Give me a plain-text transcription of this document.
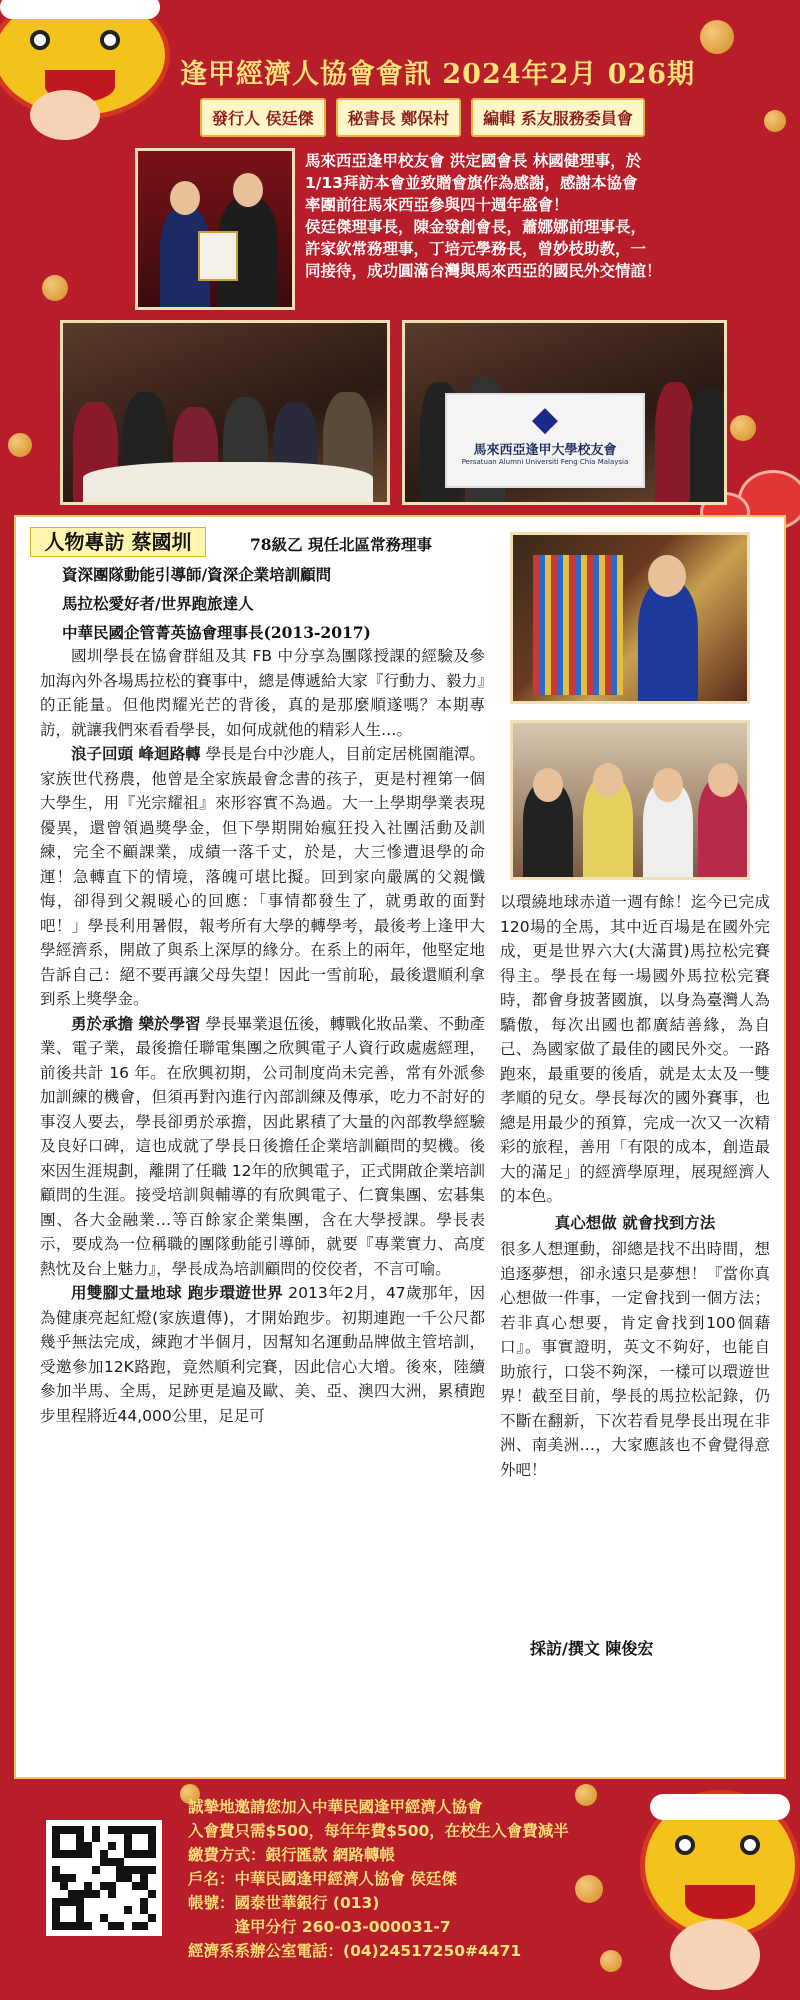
逢甲經濟人協會會訊 2024年2月 026期
發行人 侯廷傑	秘書長 鄭保村	編輯 系友服務委員會
馬來西亞逢甲校友會 洪定國會長 林國健理事，於
1/13拜訪本會並致贈會旗作為感謝，感謝本協會
率團前往馬來西亞參與四十週年盛會！
侯廷傑理事長，陳金發創會長，蕭娜娜前理事長，
許家欽常務理事，丁培元學務長，曾妙枝助教，一
同接待，成功圓滿台灣與馬來西亞的國民外交情誼！
◆
馬來西亞逢甲大學校友會
Persatuan Alumni Universiti Feng Chia Malaysia
人物專訪 蔡國圳	78級乙 現任北區常務理事
資深團隊動能引導師/資深企業培訓顧問
馬拉松愛好者/世界跑旅達人
中華民國企管菁英協會理事長(2013-2017)

國圳學長在協會群組及其 FB 中分享為團隊授課的經驗及參加海內外各場馬拉松的賽事中，總是傳遞給大家『行動力、毅力』的正能量。但他閃耀光芒的背後，真的是那麼順遂嗎？本期專訪，就讓我們來看看學長，如何成就他的精彩人生…。

浪子回頭 峰迴路轉 學長是台中沙鹿人，目前定居桃園龍潭。家族世代務農，他曾是全家族最會念書的孩子，更是村裡第一個大學生，用『光宗耀祖』來形容實不為過。大一上學期學業表現優異，還曾領過獎學金，但下學期開始瘋狂投入社團活動及訓練，完全不顧課業，成績一落千丈，於是，大三慘遭退學的命運！急轉直下的情境，落魄可堪比擬。回到家向嚴厲的父親懺悔，卻得到父親暖心的回應：「事情都發生了，就勇敢的面對吧！」學長利用暑假，報考所有大學的轉學考，最後考上逢甲大學經濟系，開啟了與系上深厚的緣分。在系上的兩年，他堅定地告訴自己：絕不要再讓父母失望！因此一雪前恥，最後還順利拿到系上獎學金。

勇於承擔 樂於學習 學長畢業退伍後，轉戰化妝品業、不動產業、電子業，最後擔任聯電集團之欣興電子人資行政處處經理，前後共計 16 年。在欣興初期，公司制度尚未完善，常有外派參加訓練的機會，但須再對內進行內部訓練及傳承，吃力不討好的事沒人要去，學長卻勇於承擔，因此累積了大量的內部教學經驗及良好口碑，這也成就了學長日後擔任企業培訓顧問的契機。後來因生涯規劃，離開了任職 12年的欣興電子，正式開啟企業培訓顧問的生涯。接受培訓與輔導的有欣興電子、仁寶集團、宏碁集團、各大金融業…等百餘家企業集團，含在大學授課。學長表示，要成為一位稱職的團隊動能引導師，就要『專業實力、高度熱忱及台上魅力』，學長成為培訓顧問的佼佼者，不言可喻。

用雙腳丈量地球 跑步環遊世界 2013年2月，47歲那年，因為健康亮起紅燈(家族遺傳)，才開始跑步。初期連跑一千公尺都幾乎無法完成，練跑才半個月，因幫知名運動品牌做主管培訓，受邀參加12K路跑，竟然順利完賽，因此信心大增。後來，陸續參加半馬、全馬，足跡更是遍及歐、美、亞、澳四大洲，累積跑步里程將近44,000公里，足足可

以環繞地球赤道一週有餘！迄今已完成120場的全馬，其中近百場是在國外完成，更是世界六大(大滿貫)馬拉松完賽得主。學長在每一場國外馬拉松完賽時，都會身披著國旗，以身為臺灣人為驕傲，每次出國也都廣結善緣，為自己、為國家做了最佳的國民外交。一路跑來，最重要的後盾，就是太太及一雙孝順的兒女。學長每次的國外賽事，也總是用最少的預算，完成一次又一次精彩的旅程，善用「有限的成本，創造最大的滿足」的經濟學原理，展現經濟人的本色。

真心想做 就會找到方法

很多人想運動，卻總是找不出時間，想追逐夢想，卻永遠只是夢想！『當你真心想做一件事，一定會找到一個方法；若非真心想要，肯定會找到100個藉口』。事實證明，英文不夠好，也能自助旅行，口袋不夠深，一樣可以環遊世界！截至目前，學長的馬拉松記錄，仍不斷在翻新，下次若看見學長出現在非洲、南美洲…，大家應該也不會覺得意外吧！

採訪/撰文 陳俊宏
誠摯地邀請您加入中華民國逢甲經濟人協會
入會費只需$500，每年年費$500，在校生入會費減半
繳費方式：銀行匯款 網路轉帳
戶名：中華民國逢甲經濟人協會 侯廷傑
帳號：國泰世華銀行 (013)
　　　逢甲分行 260-03-000031-7
經濟系系辦公室電話：(04)24517250#4471
